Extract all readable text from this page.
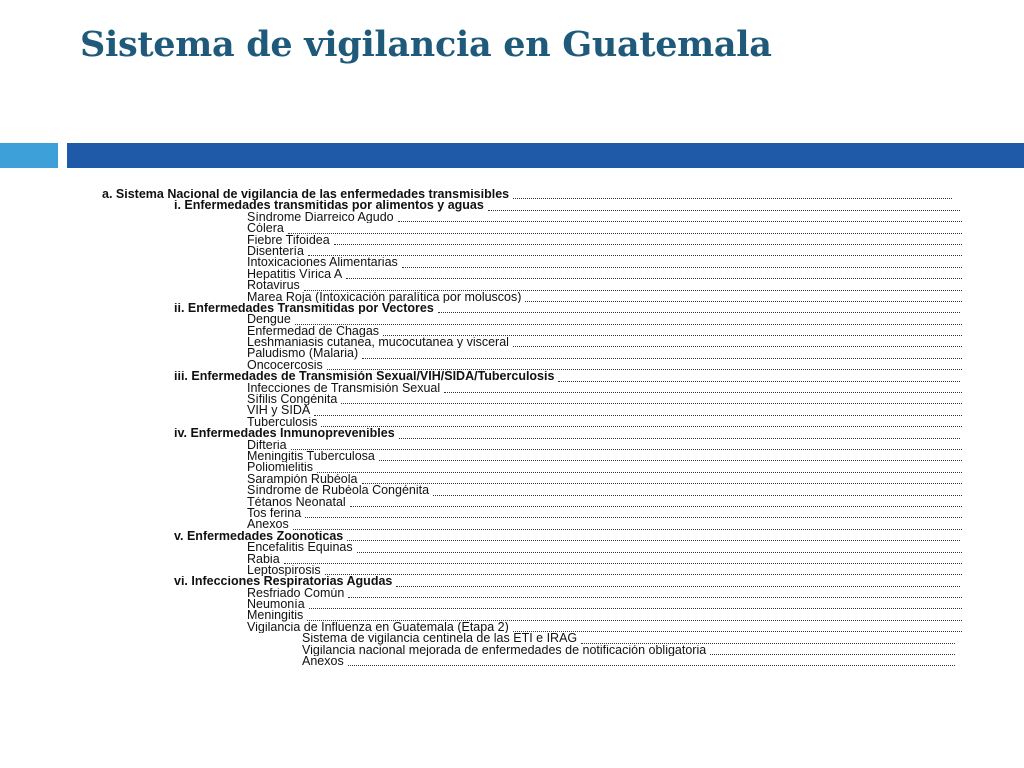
Sistema de vigilancia en Guatemala
a. Sistema Nacional de vigilancia de las enfermedades transmisibles
i. Enfermedades transmitidas por alimentos y aguas
Síndrome Diarreico Agudo
Cólera
Fiebre Tifoidea
Disentería
Intoxicaciones Alimentarias
Hepatitis Vírica A
Rotavirus
Marea Roja (Intoxicación paralítica por moluscos)
ii. Enfermedades Transmitidas por Vectores
Dengue
Enfermedad de Chagas
Leshmaniasis cutanea, mucocutanea y visceral
Paludismo (Malaria)
Oncocercosis
iii. Enfermedades de Transmisión Sexual/VIH/SIDA/Tuberculosis
Infecciones de Transmisión Sexual
Sífilis Congénita
VIH y SIDA
Tuberculosis
iv. Enfermedades Inmunoprevenibles
Difteria
Meningitis Tuberculosa
Poliomielitis
Sarampión Rubéola
Síndrome de Rubéola Congénita
Tétanos Neonatal
Tos ferina
Anexos
v. Enfermedades Zoonoticas
Encefalitis Equinas
Rabia
Leptospirosis
vi. Infecciones Respiratorias Agudas
Resfriado Común
Neumonía
Meningitis
Vigilancia de Influenza en Guatemala (Etapa 2)
Sistema de vigilancia centinela de las ETI e IRAG
Vigilancia nacional mejorada de enfermedades de notificación obligatoria
Anexos
